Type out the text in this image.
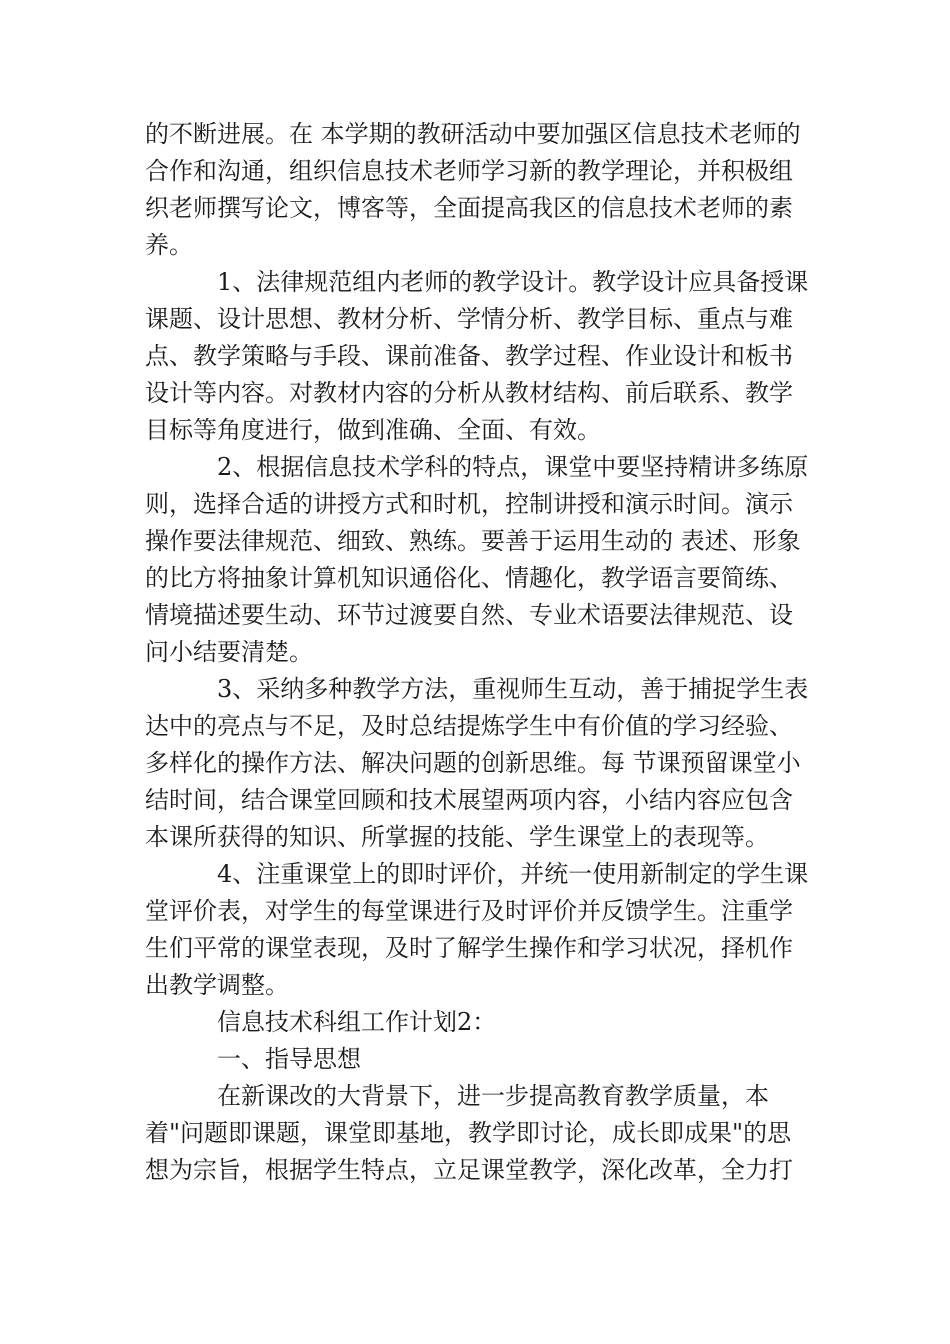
的不断进展。在 本学期的教研活动中要加强区信息技术老师的
合作和沟通，组织信息技术老师学习新的教学理论，并积极组
织老师撰写论文，博客等，全面提高我区的信息技术老师的素
养。
1、法律规范组内老师的教学设计。教学设计应具备授课
课题、设计思想、教材分析、学情分析、教学目标、重点与难
点、教学策略与手段、课前准备、教学过程、作业设计和板书
设计等内容。对教材内容的分析从教材结构、前后联系、教学
目标等角度进行，做到准确、全面、有效。
2、根据信息技术学科的特点，课堂中要坚持精讲多练原
则，选择合适的讲授方式和时机，控制讲授和演示时间。演示
操作要法律规范、细致、熟练。要善于运用生动的 表述、形象
的比方将抽象计算机知识通俗化、情趣化，教学语言要简练、
情境描述要生动、环节过渡要自然、专业术语要法律规范、设
问小结要清楚。
3、采纳多种教学方法，重视师生互动，善于捕捉学生表
达中的亮点与不足，及时总结提炼学生中有价值的学习经验、
多样化的操作方法、解决问题的创新思维。每 节课预留课堂小
结时间，结合课堂回顾和技术展望两项内容，小结内容应包含
本课所获得的知识、所掌握的技能、学生课堂上的表现等。
4、注重课堂上的即时评价，并统一使用新制定的学生课
堂评价表，对学生的每堂课进行及时评价并反馈学生。注重学
生们平常的课堂表现，及时了解学生操作和学习状况，择机作
出教学调整。
信息技术科组工作计划2：
一、指导思想
在新课改的大背景下，进一步提高教育教学质量，本
着"问题即课题，课堂即基地，教学即讨论，成长即成果"的思
想为宗旨，根据学生特点，立足课堂教学，深化改革，全力打
